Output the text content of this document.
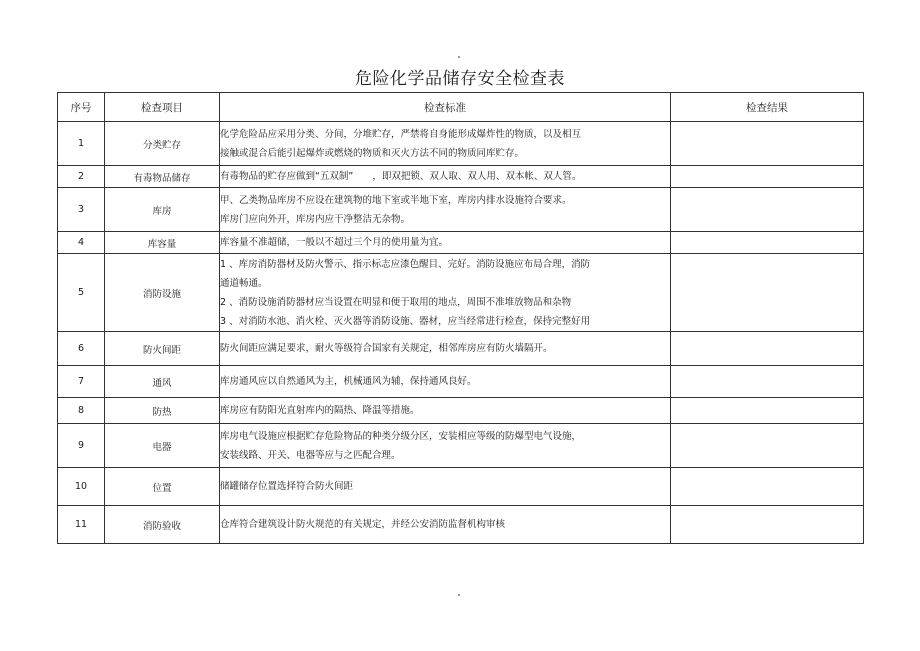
危险化学品储存安全检查表
序号	检查项目	检查标准	检查结果
1	分类贮存	化学危险品应采用分类、分间，分堆贮存，严禁将自身能形成爆炸性的物质，以及相互
接触或混合后能引起爆炸或燃烧的物质和灭火方法不同的物质同库贮存。	

2	有毒物品储存	有毒物品的贮存应做到“五双制”　　，即双把锁、双人取、双人用、双本帐、双人管。	

3	库房	甲、乙类物品库房不应设在建筑物的地下室或半地下室，库房内排水设施符合要求。
库房门应向外开，库房内应干净整洁无杂物。	

4	库容量	库容量不准超储，一般以不超过三个月的使用量为宜。	

5	消防设施	1 、库房消防器材及防火警示、指示标志应漆色醒目、完好。消防设施应布局合理，消防
通道畅通。
2 、消防设施消防器材应当设置在明显和便于取用的地点，周围不准堆放物品和杂物
3 、对消防水池、消火栓、灭火器等消防设施、器材，应当经常进行检查，保持完整好用	

6	防火间距	防火间距应满足要求，耐火等级符合国家有关规定，相邻库房应有防火墙隔开。	

7	通风	库房通风应以自然通风为主，机械通风为辅，保持通风良好。	

8	防热	库房应有防阳光直射库内的隔热、降温等措施。	

9	电器	库房电气设施应根据贮存危险物品的种类分级分区，安装相应等级的防爆型电气设施，
安装线路、开关、电器等应与之匹配合理。	

10	位置	储罐储存位置选择符合防火间距	

11	消防验收	仓库符合建筑设计防火规范的有关规定，并经公安消防监督机构审核	
